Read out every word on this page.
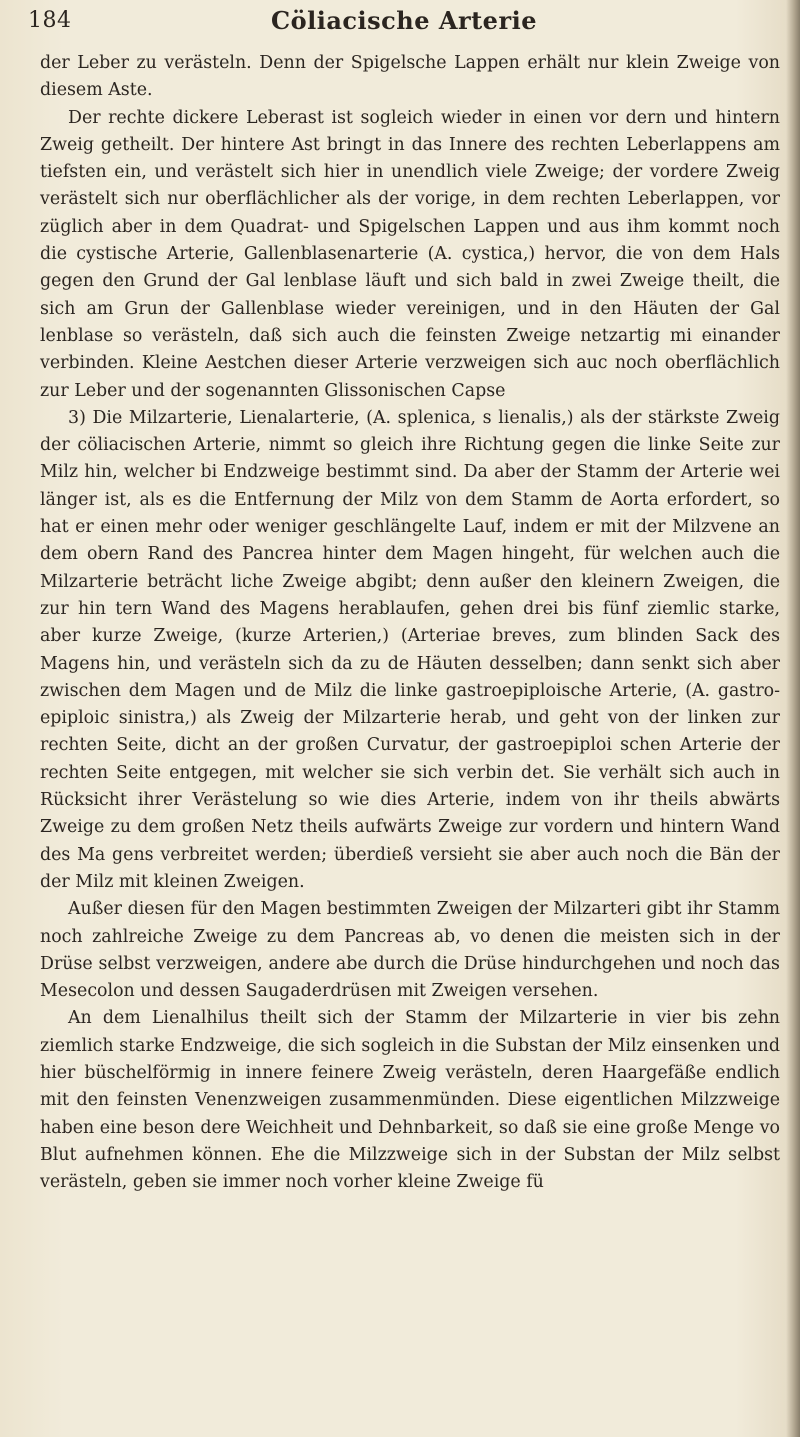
184	Cöliacische Arterie

der Leber zu verästeln. Denn der Spigelsche Lappen erhält nur klein Zweige von diesem Aste.

Der rechte dickere Leberast ist sogleich wieder in einen vor dern und hintern Zweig getheilt. Der hintere Ast bringt in das Innere des rechten Leberlappens am tiefsten ein, und verästelt sich hier in unendlich viele Zweige; der vordere Zweig verästelt sich nur oberflächlicher als der vorige, in dem rechten Leberlappen, vor züglich aber in dem Quadrat- und Spigelschen Lappen und aus ihm kommt noch die cystische Arterie, Gallenblasenarterie (A. cystica,) hervor, die von dem Hals gegen den Grund der Gal lenblase läuft und sich bald in zwei Zweige theilt, die sich am Grun der Gallenblase wieder vereinigen, und in den Häuten der Gal lenblase so verästeln, daß sich auch die feinsten Zweige netzartig mi einander verbinden. Kleine Aestchen dieser Arterie verzweigen sich auc noch oberflächlich zur Leber und der sogenannten Glissonischen Capse

3) Die Milzarterie, Lienalarterie, (A. splenica, s lienalis,) als der stärkste Zweig der cöliacischen Arterie, nimmt so gleich ihre Richtung gegen die linke Seite zur Milz hin, welcher bi Endzweige bestimmt sind. Da aber der Stamm der Arterie wei länger ist, als es die Entfernung der Milz von dem Stamm de Aorta erfordert, so hat er einen mehr oder weniger geschlängelte Lauf, indem er mit der Milzvene an dem obern Rand des Pancrea hinter dem Magen hingeht, für welchen auch die Milzarterie beträcht liche Zweige abgibt; denn außer den kleinern Zweigen, die zur hin tern Wand des Magens herablaufen, gehen drei bis fünf ziemlic starke, aber kurze Zweige, (kurze Arterien,) (Arteriae breves, zum blinden Sack des Magens hin, und verästeln sich da zu de Häuten desselben; dann senkt sich aber zwischen dem Magen und de Milz die linke gastroepiploische Arterie, (A. gastro-epiploic sinistra,) als Zweig der Milzarterie herab, und geht von der linken zur rechten Seite, dicht an der großen Curvatur, der gastroepiploi schen Arterie der rechten Seite entgegen, mit welcher sie sich verbin det. Sie verhält sich auch in Rücksicht ihrer Verästelung so wie dies Arterie, indem von ihr theils abwärts Zweige zu dem großen Netz theils aufwärts Zweige zur vordern und hintern Wand des Ma gens verbreitet werden; überdieß versieht sie aber auch noch die Bän der der Milz mit kleinen Zweigen.

Außer diesen für den Magen bestimmten Zweigen der Milzarteri gibt ihr Stamm noch zahlreiche Zweige zu dem Pancreas ab, vo denen die meisten sich in der Drüse selbst verzweigen, andere abe durch die Drüse hindurchgehen und noch das Mesecolon und dessen Saugaderdrüsen mit Zweigen versehen.

An dem Lienalhilus theilt sich der Stamm der Milzarterie in vier bis zehn ziemlich starke Endzweige, die sich sogleich in die Substan der Milz einsenken und hier büschelförmig in innere feinere Zweig verästeln, deren Haargefäße endlich mit den feinsten Venenzweigen zusammenmünden. Diese eigentlichen Milzzweige haben eine beson dere Weichheit und Dehnbarkeit, so daß sie eine große Menge vo Blut aufnehmen können. Ehe die Milzzweige sich in der Substan der Milz selbst verästeln, geben sie immer noch vorher kleine Zweige fü
